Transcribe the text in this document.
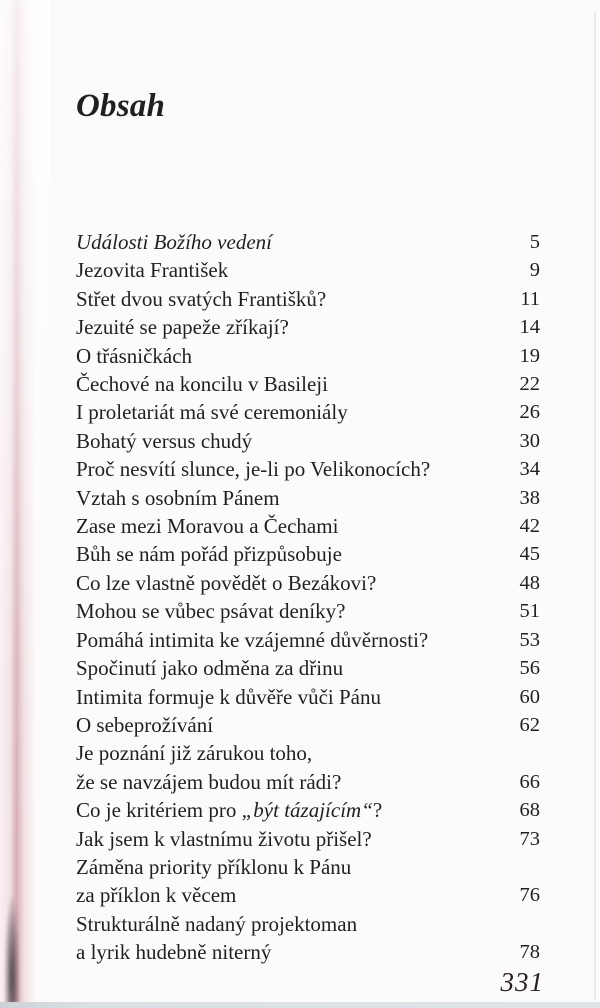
Obsah
Události Božího vedení	5
Jezovita František	9
Střet dvou svatých Františků?	11
Jezuité se papeže zříkají?	14
O třásničkách	19
Čechové na koncilu v Basileji	22
I proletariát má své ceremoniály	26
Bohatý versus chudý	30
Proč nesvítí slunce, je-li po Velikonocích?	34
Vztah s osobním Pánem	38
Zase mezi Moravou a Čechami	42
Bůh se nám pořád přizpůsobuje	45
Co lze vlastně povědět o Bezákovi?	48
Mohou se vůbec psávat deníky?	51
Pomáhá intimita ke vzájemné důvěrnosti?	53
Spočinutí jako odměna za dřinu	56
Intimita formuje k důvěře vůči Pánu	60
O sebeprožívání	62
Je poznání již zárukou toho,
že se navzájem budou mít rádi?	66
Co je kritériem pro „být tázajícím“?	68
Jak jsem k vlastnímu životu přišel?	73
Záměna priority příklonu k Pánu
za příklon k věcem	76
Strukturálně nadaný projektoman
a lyrik hudebně niterný	78
331
